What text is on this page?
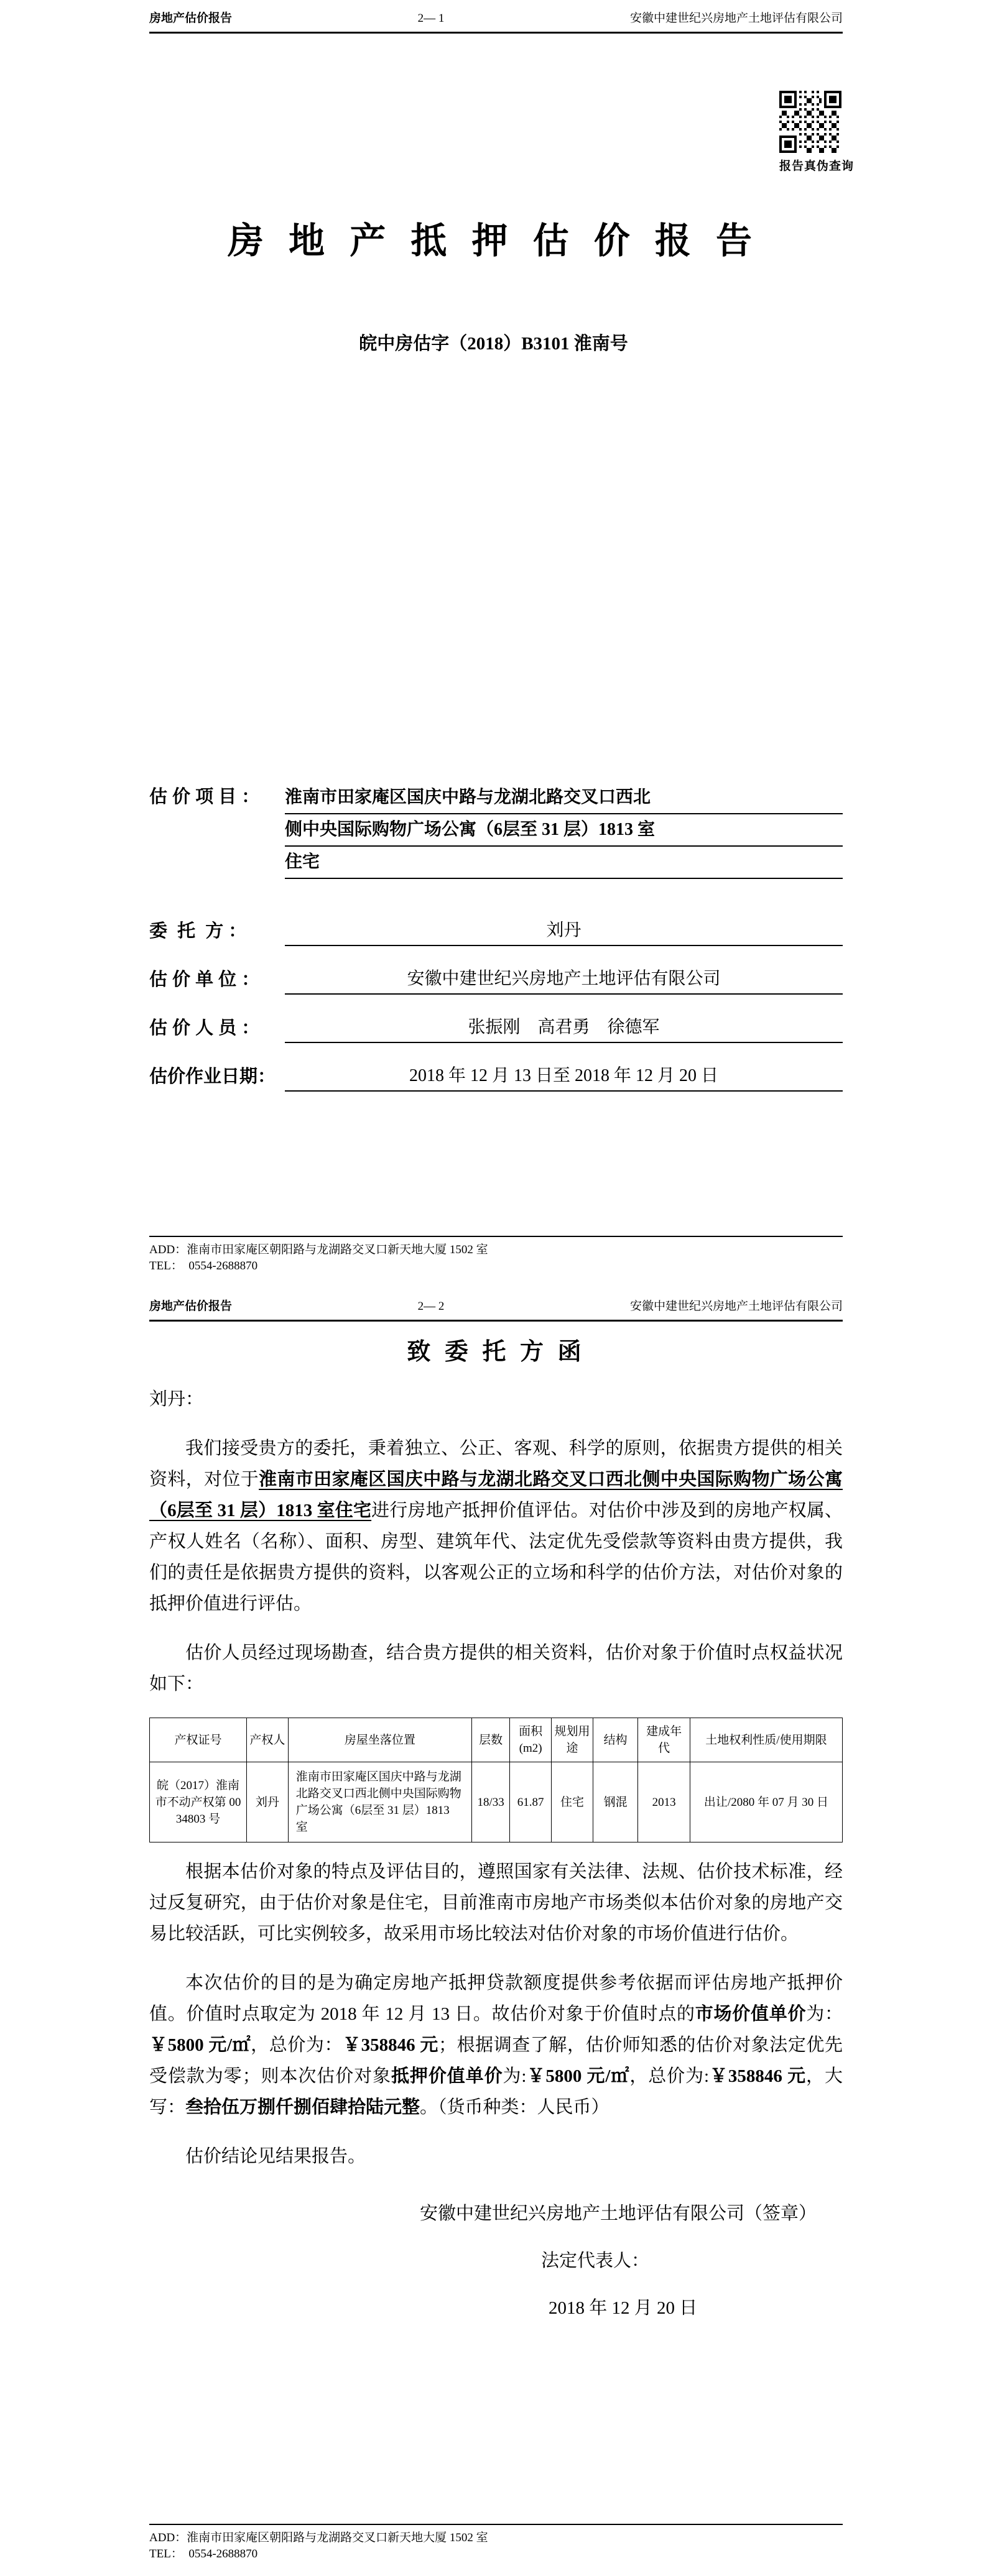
房地产估价报告	2— 1	安徽中建世纪兴房地产土地评估有限公司
报告真伪查询
房 地 产 抵 押 估 价 报 告
皖中房估字（2018）B3101 淮南号
估 价 项 目 ：	淮南市田家庵区国庆中路与龙湖北路交叉口西北
侧中央国际购物广场公寓（6层至 31 层）1813 室
住宅
委  托  方 ：	刘丹
估 价 单 位 ：	安徽中建世纪兴房地产土地评估有限公司
估 价 人 员 ：	张振刚　高君勇　徐德军
估价作业日期：	2018 年 12 月 13 日至 2018 年 12 月 20 日
ADD：淮南市田家庵区朝阳路与龙湖路交叉口新天地大厦 1502 室
TEL：  0554-2688870
房地产估价报告	2— 2	安徽中建世纪兴房地产土地评估有限公司
致 委 托 方 函
刘丹：

我们接受贵方的委托，秉着独立、公正、客观、科学的原则，依据贵方提供的相关资料，对位于淮南市田家庵区国庆中路与龙湖北路交叉口西北侧中央国际购物广场公寓（6层至 31 层）1813 室住宅进行房地产抵押价值评估。对估价中涉及到的房地产权属、产权人姓名（名称）、面积、房型、建筑年代、法定优先受偿款等资料由贵方提供，我们的责任是依据贵方提供的资料，以客观公正的立场和科学的估价方法，对估价对象的抵押价值进行评估。

估价人员经过现场勘查，结合贵方提供的相关资料，估价对象于价值时点权益状况如下：

产权证号	产权人	房屋坐落位置	层数	面积(m2)	规划用途	结构	建成年代	土地权利性质/使用期限
皖（2017）淮南市不动产权第 0034803 号	刘丹	淮南市田家庵区国庆中路与龙湖北路交叉口西北侧中央国际购物广场公寓（6层至 31 层）1813 室	18/33	61.87	住宅	钢混	2013	出让/2080 年 07 月 30 日

根据本估价对象的特点及评估目的，遵照国家有关法律、法规、估价技术标准，经过反复研究，由于估价对象是住宅，目前淮南市房地产市场类似本估价对象的房地产交易比较活跃，可比实例较多，故采用市场比较法对估价对象的市场价值进行估价。

本次估价的目的是为确定房地产抵押贷款额度提供参考依据而评估房地产抵押价值。价值时点取定为 2018 年 12 月 13 日。故估价对象于价值时点的市场价值单价为：￥5800 元/㎡，总价为：￥358846 元；根据调查了解，估价师知悉的估价对象法定优先受偿款为零；则本次估价对象抵押价值单价为:￥5800 元/㎡，总价为:￥358846 元，大写：叁拾伍万捌仟捌佰肆拾陆元整。（货币种类：人民币）

估价结论见结果报告。

安徽中建世纪兴房地产土地评估有限公司（签章）
法定代表人：
2018 年 12 月 20 日
ADD：淮南市田家庵区朝阳路与龙湖路交叉口新天地大厦 1502 室
TEL：  0554-2688870
